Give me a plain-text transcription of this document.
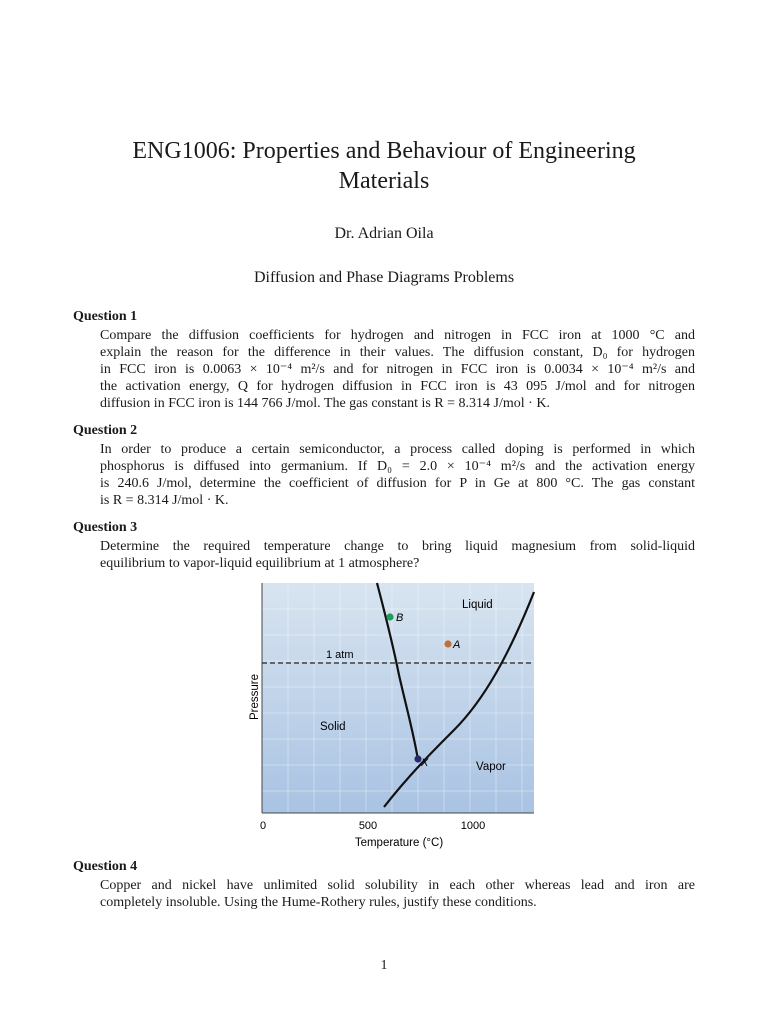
ENG1006: Properties and Behaviour of Engineering
Materials
Dr. Adrian Oila
Diffusion and Phase Diagrams Problems
Question 1
Compare the diffusion coefficients for hydrogen and nitrogen in FCC iron at 1000 °C and
explain the reason for the difference in their values. The diffusion constant, D₀ for hydrogen
in FCC iron is 0.0063 × 10⁻⁴ m²/s and for nitrogen in FCC iron is 0.0034 × 10⁻⁴ m²/s and
the activation energy, Q for hydrogen diffusion in FCC iron is 43 095 J/mol and for nitrogen
diffusion in FCC iron is 144 766 J/mol. The gas constant is R = 8.314 J/mol · K.
Question 2
In order to produce a certain semiconductor, a process called doping is performed in which
phosphorus is diffused into germanium. If D₀ = 2.0 × 10⁻⁴ m²/s and the activation energy
is 240.6 J/mol, determine the coefficient of diffusion for P in Ge at 800 °C. The gas constant
is R = 8.314 J/mol · K.
Question 3
Determine the required temperature change to bring liquid magnesium from solid-liquid
equilibrium to vapor-liquid equilibrium at 1 atmosphere?
B
A
X
Liquid
Solid
Vapor
1 atm
Pressure
0	500	1000
Temperature (°C)
Question 4
Copper and nickel have unlimited solid solubility in each other whereas lead and iron are
completely insoluble. Using the Hume-Rothery rules, justify these conditions.
1
